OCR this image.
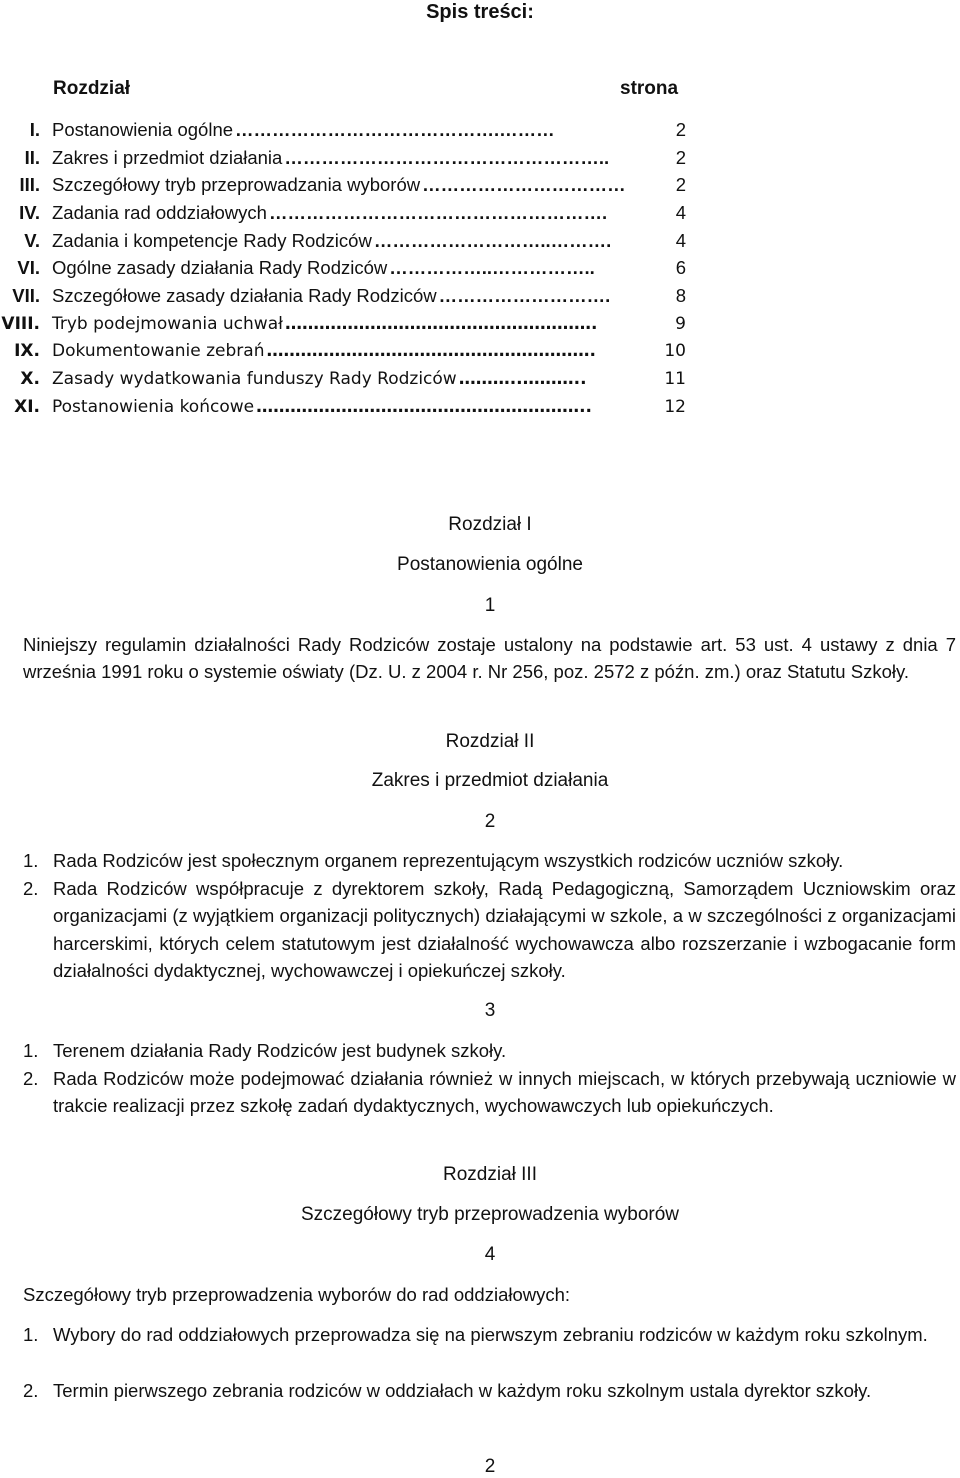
Spis treści:
Rozdział	strona
I. Postanowienia ogólne …………………………………….………	2
II. Zakres i przedmiot działania ……………………………………………..	2
III. Szczegółowy tryb przeprowadzania wyborów ……………………………	2
IV. Zadania rad oddziałowych ……………………………………………….	4
V. Zadania i kompetencje Rady Rodziców ………………………..……….	4
VI. Ogólne zasady działania Rady Rodziców ……………..……………..	6
VII. Szczegółowe zasady działania Rady Rodziców ……………………….	8
VIII. Tryb podejmowania uchwał ……………………………………………….	9
IX. Dokumentowanie zebrań ………………………………………………….	10
X. Zasady wydatkowania funduszy Rady Rodziców ………..………..	11
XI. Postanowienia końcowe …………………………………………………..	12
Rozdział I
Postanowienia ogólne
1
Niniejszy regulamin działalności Rady Rodziców zostaje ustalony na podstawie art. 53 ust. 4 ustawy z dnia 7 września 1991 roku o systemie oświaty (Dz. U. z 2004 r. Nr 256, poz. 2572 z późn. zm.) oraz Statutu Szkoły.
Rozdział II
Zakres i przedmiot działania
2
1. Rada Rodziców jest społecznym organem reprezentującym wszystkich rodziców uczniów szkoły.
2. Rada Rodziców współpracuje z dyrektorem szkoły, Radą Pedagogiczną, Samorządem Uczniowskim oraz organizacjami (z wyjątkiem organizacji politycznych) działającymi w szkole, a w szczególności z organizacjami harcerskimi, których celem statutowym jest działalność wychowawcza albo rozszerzanie i wzbogacanie form działalności dydaktycznej, wychowawczej i opiekuńczej szkoły.
3
1. Terenem działania Rady Rodziców jest budynek szkoły.
2. Rada Rodziców może podejmować działania również w innych miejscach, w których przebywają uczniowie w trakcie realizacji przez szkołę zadań dydaktycznych, wychowawczych lub opiekuńczych.
Rozdział III
Szczegółowy tryb przeprowadzenia wyborów
4
Szczegółowy tryb przeprowadzenia wyborów do rad oddziałowych:
1. Wybory do rad oddziałowych przeprowadza się na pierwszym zebraniu rodziców w każdym roku szkolnym.
2. Termin pierwszego zebrania rodziców w oddziałach w każdym roku szkolnym ustala dyrektor szkoły.
2
